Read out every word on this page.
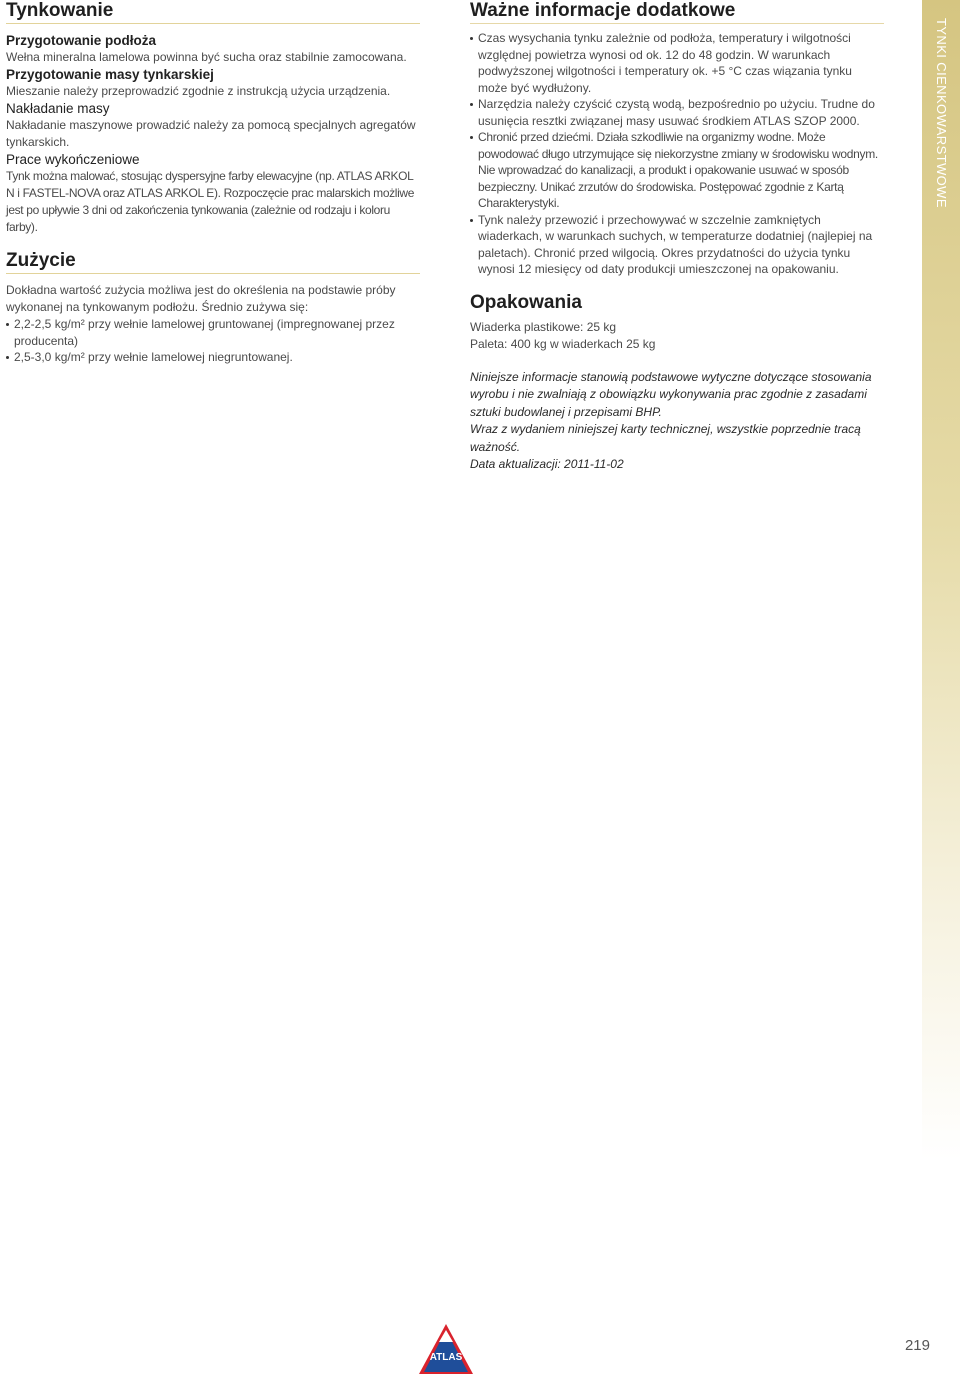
Tynkowanie
Przygotowanie podłoża

Wełna mineralna lamelowa powinna być sucha oraz stabilnie zamocowana.

Przygotowanie masy tynkarskiej

Mieszanie należy przeprowadzić zgodnie z instrukcją użycia urządzenia.

Nakładanie masy

Nakładanie maszynowe prowadzić należy za pomocą specjalnych agregatów tynkarskich.

Prace wykończeniowe

Tynk można malować, stosując dyspersyjne farby elewacyjne (np. ATLAS ARKOL N i FASTEL-NOVA oraz ATLAS ARKOL E). Rozpoczęcie prac malarskich możliwe jest po upływie 3 dni od zakończenia tynkowania (zależnie od rodzaju i koloru farby).

Zużycie

Dokładna wartość zużycia możliwa jest do określenia na podstawie próby wykonanej na tynkowanym podłożu. Średnio zużywa się:

2,2-2,5 kg/m² przy wełnie lamelowej gruntowanej (impregnowanej przez producenta)
2,5-3,0 kg/m² przy wełnie lamelowej niegruntowanej.
Ważne informacje dodatkowe
Czas wysychania tynku zależnie od podłoża, temperatury i wilgotności względnej powietrza wynosi od ok. 12 do 48 godzin. W warunkach podwyższonej wilgotności i temperatury ok. +5 °C czas wiązania tynku może być wydłużony.
Narzędzia należy czyścić czystą wodą, bezpośrednio po użyciu. Trudne do usunięcia resztki związanej masy usuwać środkiem ATLAS SZOP 2000.
Chronić przed dziećmi. Działa szkodliwie na organizmy wodne. Może powodować długo utrzymujące się niekorzystne zmiany w środowisku wodnym. Nie wprowadzać do kanalizacji, a produkt i opakowanie usuwać w sposób bezpieczny. Unikać zrzutów do środowiska. Postępować zgodnie z Kartą Charakterystyki.
Tynk należy przewozić i przechowywać w szczelnie zamkniętych wiaderkach, w warunkach suchych, w temperaturze dodatniej (najlepiej na paletach). Chronić przed wilgocią. Okres przydatności do użycia tynku wynosi 12 miesięcy od daty produkcji umieszczonej na opakowaniu.
Opakowania

Wiaderka plastikowe: 25 kg

Paleta: 400 kg w wiaderkach 25 kg

Niniejsze informacje stanowią podstawowe wytyczne dotyczące stosowania wyrobu i nie zwalniają z obowiązku wykonywania prac zgodnie z zasadami sztuki budowlanej i przepisami BHP.

Wraz z wydaniem niniejszej karty technicznej, wszystkie poprzednie tracą ważność.

Data aktualizacji: 2011-11-02

TYNKI CIENKOWARSTWOWE
ATLAS
219
